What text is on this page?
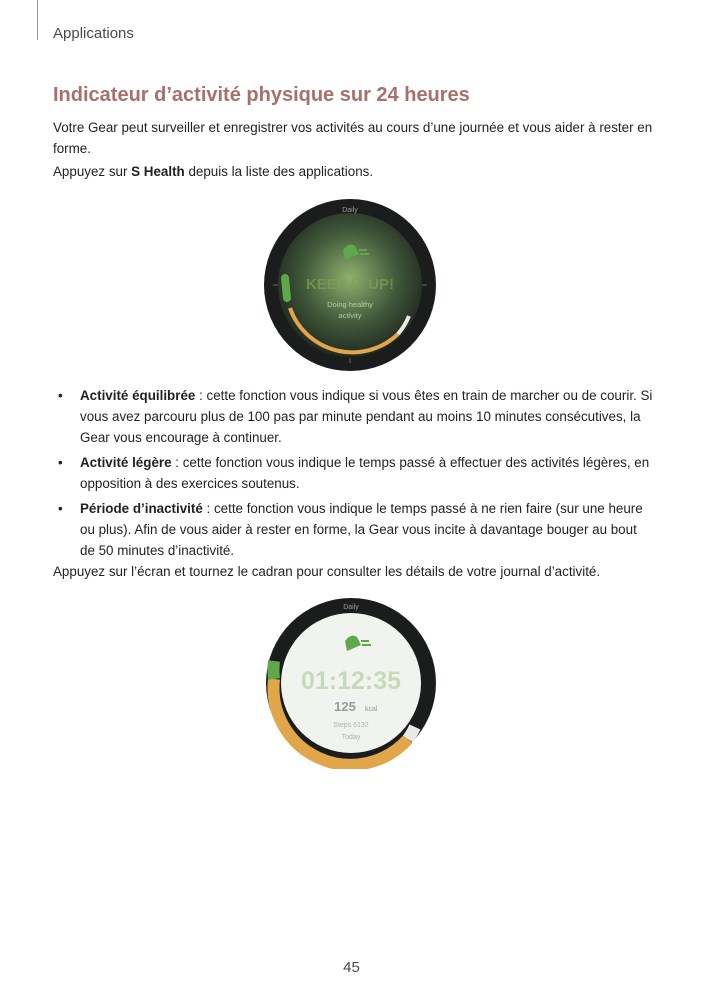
Applications
Indicateur d’activité physique sur 24 heures
Votre Gear peut surveiller et enregistrer vos activités au cours d’une journée et vous aider à rester en forme.
Appuyez sur S Health depuis la liste des applications.
Daily
KEEP IT UP!
Doing healthy
activity
• Activité équilibrée : cette fonction vous indique si vous êtes en train de marcher ou de courir. Si vous avez parcouru plus de 100 pas par minute pendant au moins 10 minutes consécutives, la Gear vous encourage à continuer.
• Activité légère : cette fonction vous indique le temps passé à effectuer des activités légères, en opposition à des exercices soutenus.
• Période d’inactivité : cette fonction vous indique le temps passé à ne rien faire (sur une heure ou plus). Afin de vous aider à rester en forme, la Gear vous incite à davantage bouger au bout de 50 minutes d’inactivité.
Appuyez sur l’écran et tournez le cadran pour consulter les détails de votre journal d’activité.
Daily
01:12:35
125 kcal
Steps 6132
Today
45
